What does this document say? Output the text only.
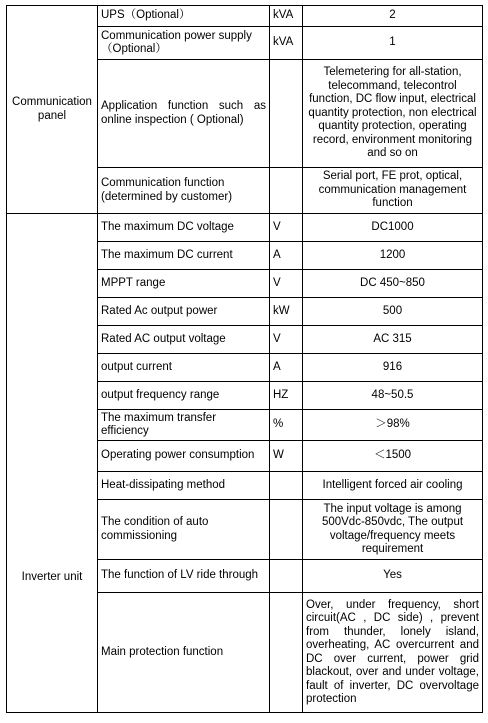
Communication panel	UPS（Optional）	kVA	2
	Communication power supply（Optional）	kVA	1
	Application function such as online inspection ( Optional)		Telemetering for all-station, telecommand, telecontrol function, DC flow input, electrical quantity protection, non electrical quantity protection, operating record, environment monitoring and so on
	Communication function (determined by customer)		Serial port, FE prot, optical, communication management function
Inverter unit	The maximum DC voltage	V	DC1000
	The maximum DC current	A	1200
	MPPT range	V	DC 450~850
	Rated Ac output power	kW	500
	Rated AC output voltage	V	AC 315
	output current	A	916
	output frequency range	HZ	48~50.5
	The maximum transfer efficiency	%	＞98%
	Operating power consumption	W	＜1500
	Heat-dissipating method		Intelligent forced air cooling
	The condition of auto commissioning		The input voltage is among 500Vdc-850vdc, The output voltage/frequency meets requirement
	The function of LV ride through		Yes
	Main protection function		Over, under frequency, short circuit(AC , DC side) , prevent from thunder, lonely island, overheating, AC overcurrent and DC over current, power grid blackout, over and under voltage, fault of inverter, DC overvoltage protection
